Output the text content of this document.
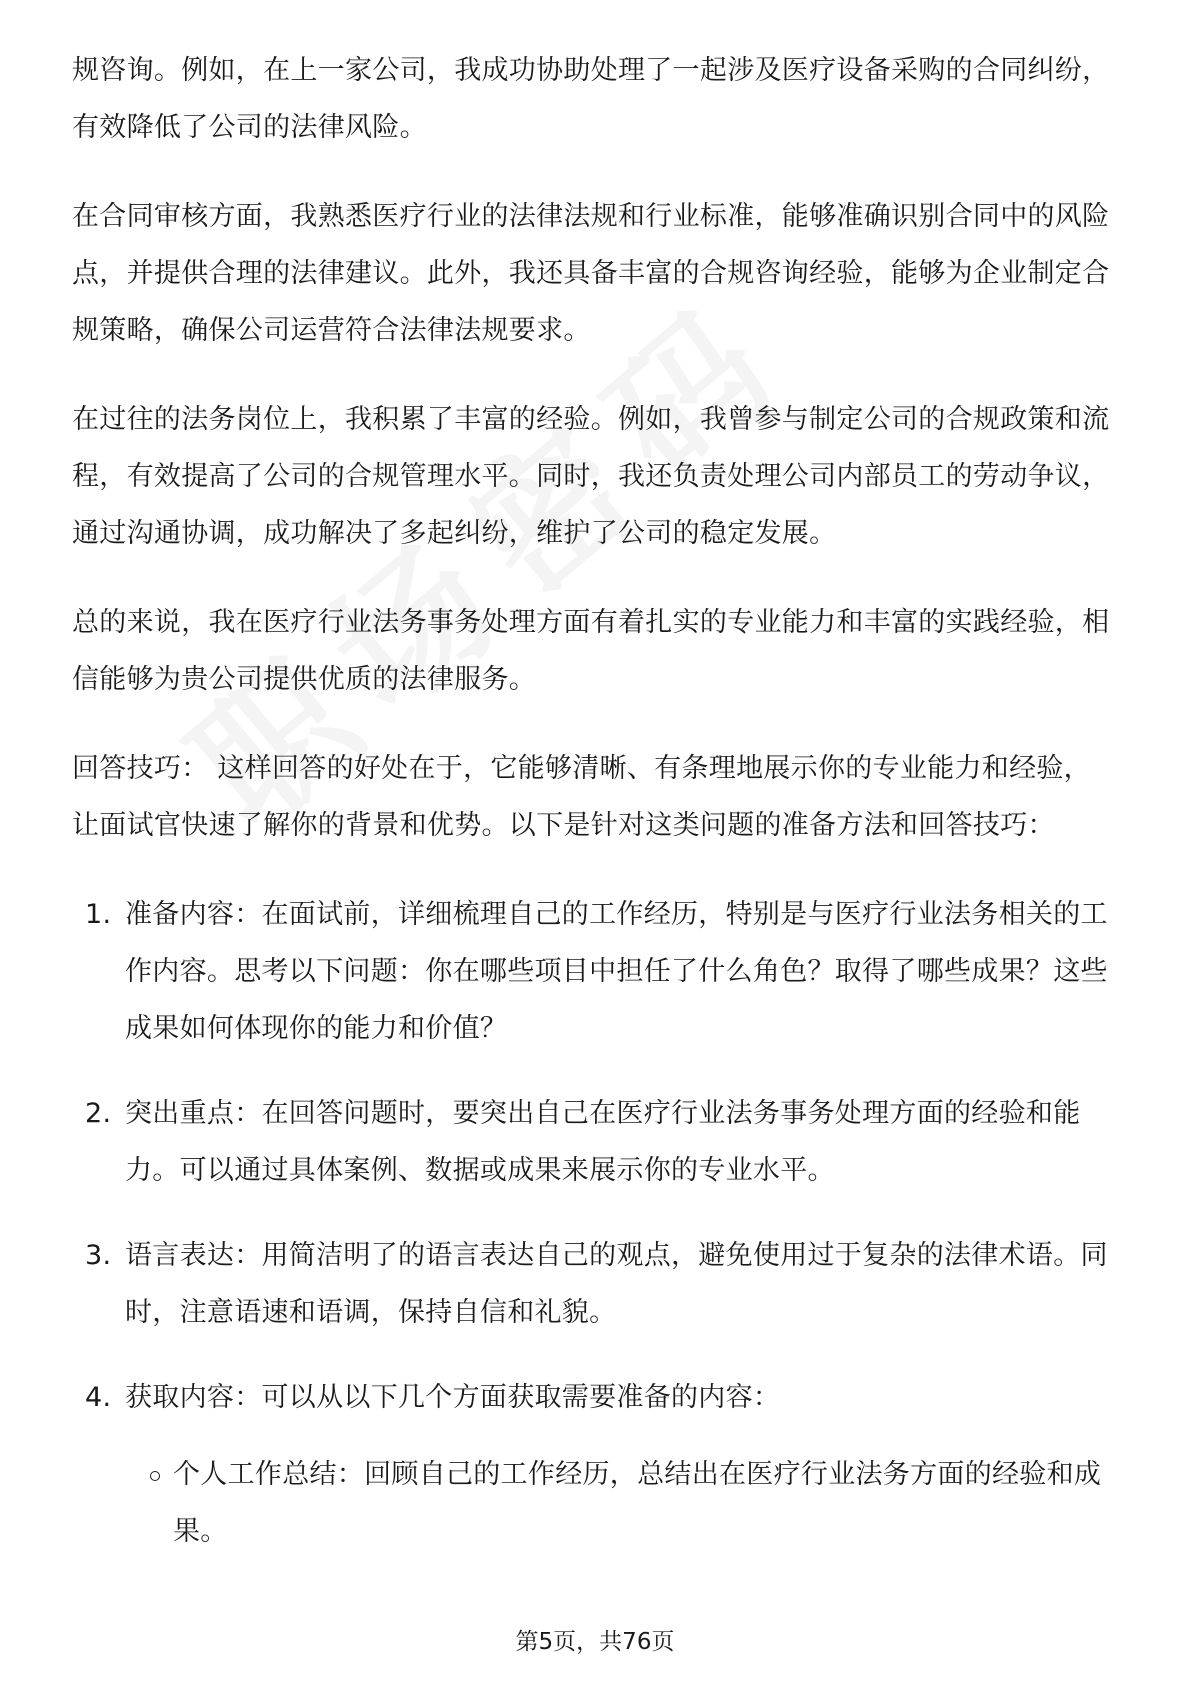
规咨询。例如，在上一家公司，我成功协助处理了一起涉及医疗设备采购的合同纠纷，有效降低了公司的法律风险。

在合同审核方面，我熟悉医疗行业的法律法规和行业标准，能够准确识别合同中的风险点，并提供合理的法律建议。此外，我还具备丰富的合规咨询经验，能够为企业制定合规策略，确保公司运营符合法律法规要求。

在过往的法务岗位上，我积累了丰富的经验。例如，我曾参与制定公司的合规政策和流程，有效提高了公司的合规管理水平。同时，我还负责处理公司内部员工的劳动争议，通过沟通协调，成功解决了多起纠纷，维护了公司的稳定发展。

总的来说，我在医疗行业法务事务处理方面有着扎实的专业能力和丰富的实践经验，相信能够为贵公司提供优质的法律服务。

回答技巧： 这样回答的好处在于，它能够清晰、有条理地展示你的专业能力和经验，让面试官快速了解你的背景和优势。以下是针对这类问题的准备方法和回答技巧：

1. 准备内容：在面试前，详细梳理自己的工作经历，特别是与医疗行业法务相关的工作内容。思考以下问题：你在哪些项目中担任了什么角色？取得了哪些成果？这些成果如何体现你的能力和价值？
2. 突出重点：在回答问题时，要突出自己在医疗行业法务事务处理方面的经验和能力。可以通过具体案例、数据或成果来展示你的专业水平。
3. 语言表达：用简洁明了的语言表达自己的观点，避免使用过于复杂的法律术语。同时，注意语速和语调，保持自信和礼貌。
4. 获取内容：可以从以下几个方面获取需要准备的内容：
个人工作总结：回顾自己的工作经历，总结出在医疗行业法务方面的经验和成果。
第5页，共76页
